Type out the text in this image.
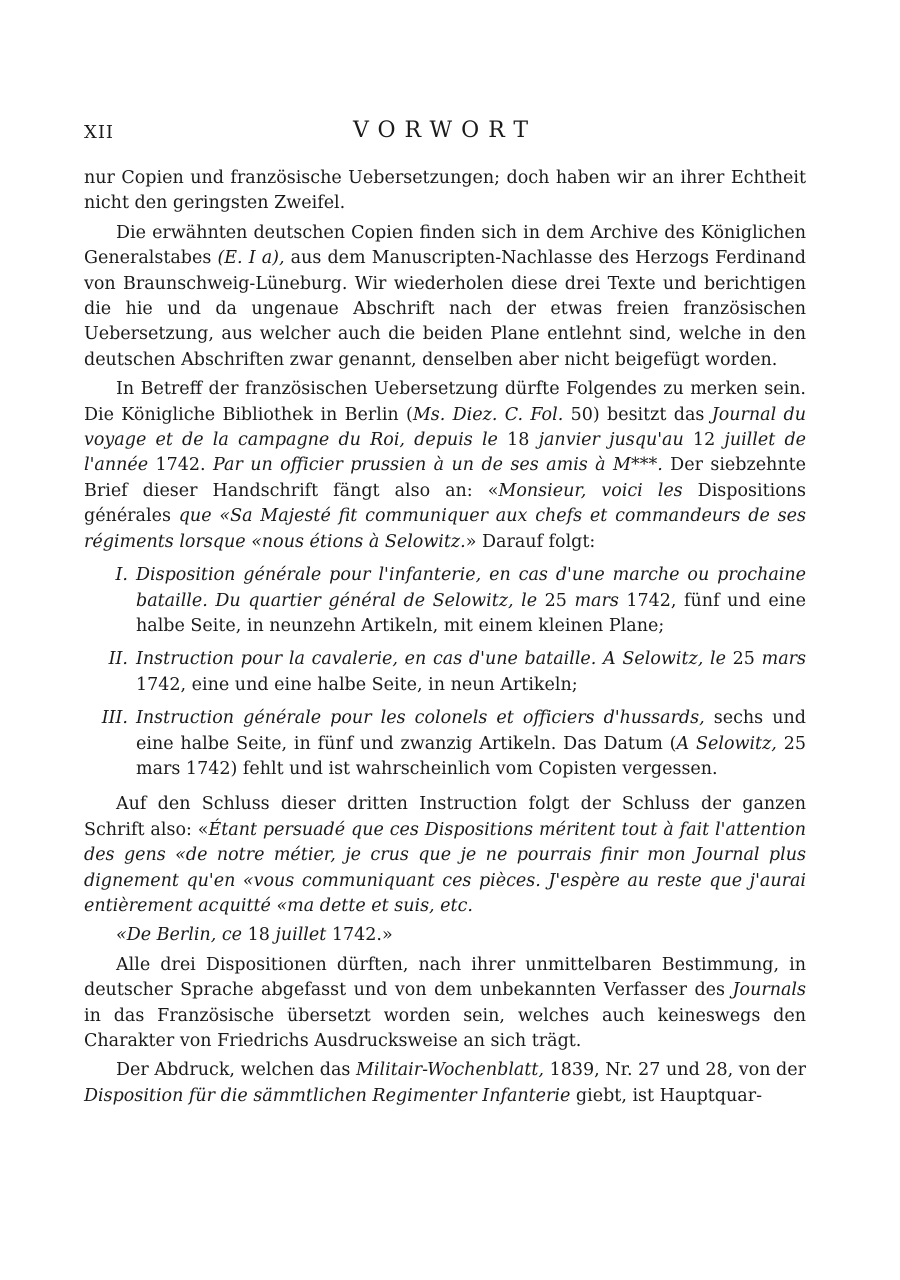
XII	VORWORT

nur Copien und französische Uebersetzungen; doch haben wir an ihrer Echtheit nicht den geringsten Zweifel.

Die erwähnten deutschen Copien finden sich in dem Archive des Königlichen Generalstabes (E. I a), aus dem Manuscripten-Nachlasse des Herzogs Ferdinand von Braunschweig-Lüneburg. Wir wiederholen diese drei Texte und berichtigen die hie und da ungenaue Abschrift nach der etwas freien französischen Uebersetzung, aus welcher auch die beiden Plane entlehnt sind, welche in den deutschen Abschriften zwar genannt, denselben aber nicht beigefügt worden.

In Betreff der französischen Uebersetzung dürfte Folgendes zu merken sein. Die Königliche Bibliothek in Berlin (Ms. Diez. C. Fol. 50) besitzt das Journal du voyage et de la campagne du Roi, depuis le 18 janvier jusqu'au 12 juillet de l'année 1742. Par un officier prussien à un de ses amis à M***. Der siebzehnte Brief dieser Handschrift fängt also an: «Monsieur, voici les Dispositions générales que «Sa Majesté fit communiquer aux chefs et commandeurs de ses régiments lorsque «nous étions à Selowitz.» Darauf folgt:

I. Disposition générale pour l'infanterie, en cas d'une marche ou prochaine bataille. Du quartier général de Selowitz, le 25 mars 1742, fünf und eine halbe Seite, in neunzehn Artikeln, mit einem kleinen Plane;
II. Instruction pour la cavalerie, en cas d'une bataille. A Selowitz, le 25 mars 1742, eine und eine halbe Seite, in neun Artikeln;
III. Instruction générale pour les colonels et officiers d'hussards, sechs und eine halbe Seite, in fünf und zwanzig Artikeln. Das Datum (A Selowitz, 25 mars 1742) fehlt und ist wahrscheinlich vom Copisten vergessen.

Auf den Schluss dieser dritten Instruction folgt der Schluss der ganzen Schrift also: «Étant persuadé que ces Dispositions méritent tout à fait l'attention des gens «de notre métier, je crus que je ne pourrais finir mon Journal plus dignement qu'en «vous communiquant ces pièces. J'espère au reste que j'aurai entièrement acquitté «ma dette et suis, etc.

«De Berlin, ce 18 juillet 1742.»

Alle drei Dispositionen dürften, nach ihrer unmittelbaren Bestimmung, in deutscher Sprache abgefasst und von dem unbekannten Verfasser des Journals in das Französische übersetzt worden sein, welches auch keineswegs den Charakter von Friedrichs Ausdrucksweise an sich trägt.

Der Abdruck, welchen das Militair-Wochenblatt, 1839, Nr. 27 und 28, von der Disposition für die sämmtlichen Regimenter Infanterie giebt, ist Hauptquar-
